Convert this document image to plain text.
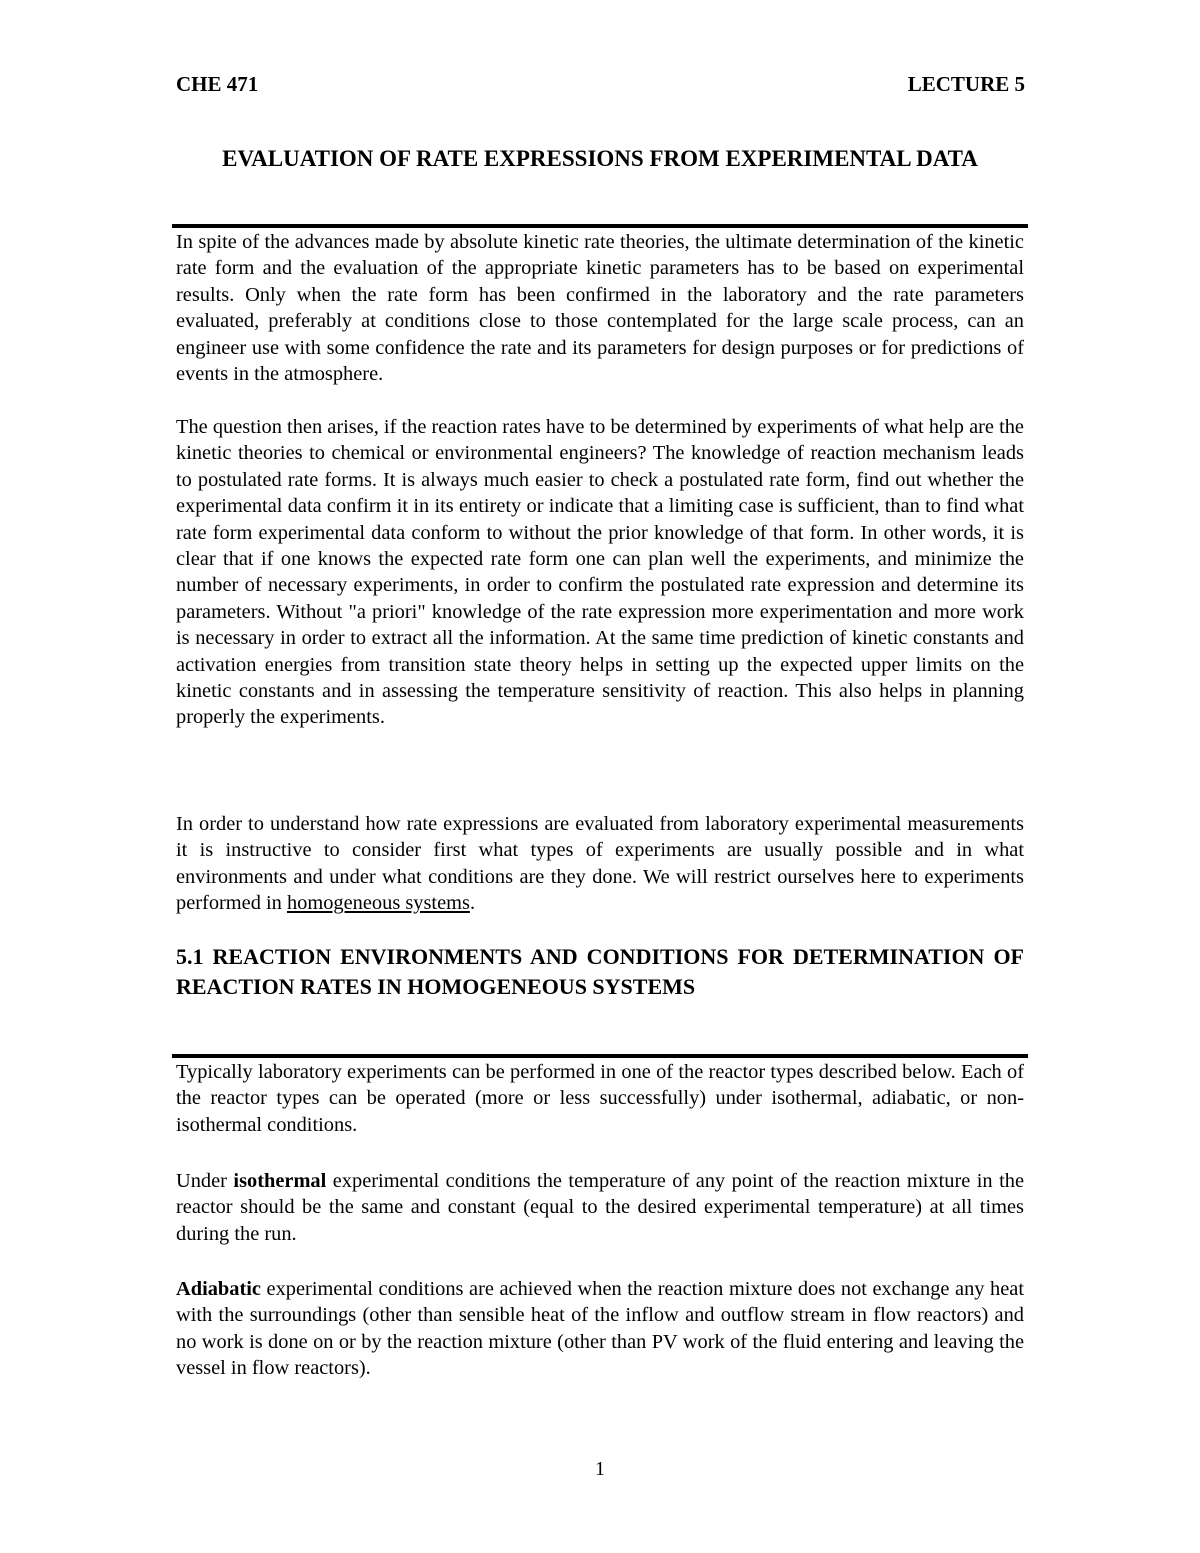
CHE 471	LECTURE 5
EVALUATION OF RATE EXPRESSIONS FROM EXPERIMENTAL DATA

In spite of the advances made by absolute kinetic rate theories, the ultimate determination of the kinetic rate form and the evaluation of the appropriate kinetic parameters has to be based on experimental results. Only when the rate form has been confirmed in the laboratory and the rate parameters evaluated, preferably at conditions close to those contemplated for the large scale process, can an engineer use with some confidence the rate and its parameters for design purposes or for predictions of events in the atmosphere.

The question then arises, if the reaction rates have to be determined by experiments of what help are the kinetic theories to chemical or environmental engineers? The knowledge of reaction mechanism leads to postulated rate forms. It is always much easier to check a postulated rate form, find out whether the experimental data confirm it in its entirety or indicate that a limiting case is sufficient, than to find what rate form experimental data conform to without the prior knowledge of that form. In other words, it is clear that if one knows the expected rate form one can plan well the experiments, and minimize the number of necessary experiments, in order to confirm the postulated rate expression and determine its parameters. Without "a priori" knowledge of the rate expression more experimentation and more work is necessary in order to extract all the information. At the same time prediction of kinetic constants and activation energies from transition state theory helps in setting up the expected upper limits on the kinetic constants and in assessing the temperature sensitivity of reaction. This also helps in planning properly the experiments.

In order to understand how rate expressions are evaluated from laboratory experimental measurements it is instructive to consider first what types of experiments are usually possible and in what environments and under what conditions are they done. We will restrict ourselves here to experiments performed in homogeneous systems.

5.1 REACTION ENVIRONMENTS AND CONDITIONS FOR DETERMINATION OF REACTION RATES IN HOMOGENEOUS SYSTEMS

Typically laboratory experiments can be performed in one of the reactor types described below. Each of the reactor types can be operated (more or less successfully) under isothermal, adiabatic, or non-isothermal conditions.

Under isothermal experimental conditions the temperature of any point of the reaction mixture in the reactor should be the same and constant (equal to the desired experimental temperature) at all times during the run.

Adiabatic experimental conditions are achieved when the reaction mixture does not exchange any heat with the surroundings (other than sensible heat of the inflow and outflow stream in flow reactors) and no work is done on or by the reaction mixture (other than PV work of the fluid entering and leaving the vessel in flow reactors).

1
